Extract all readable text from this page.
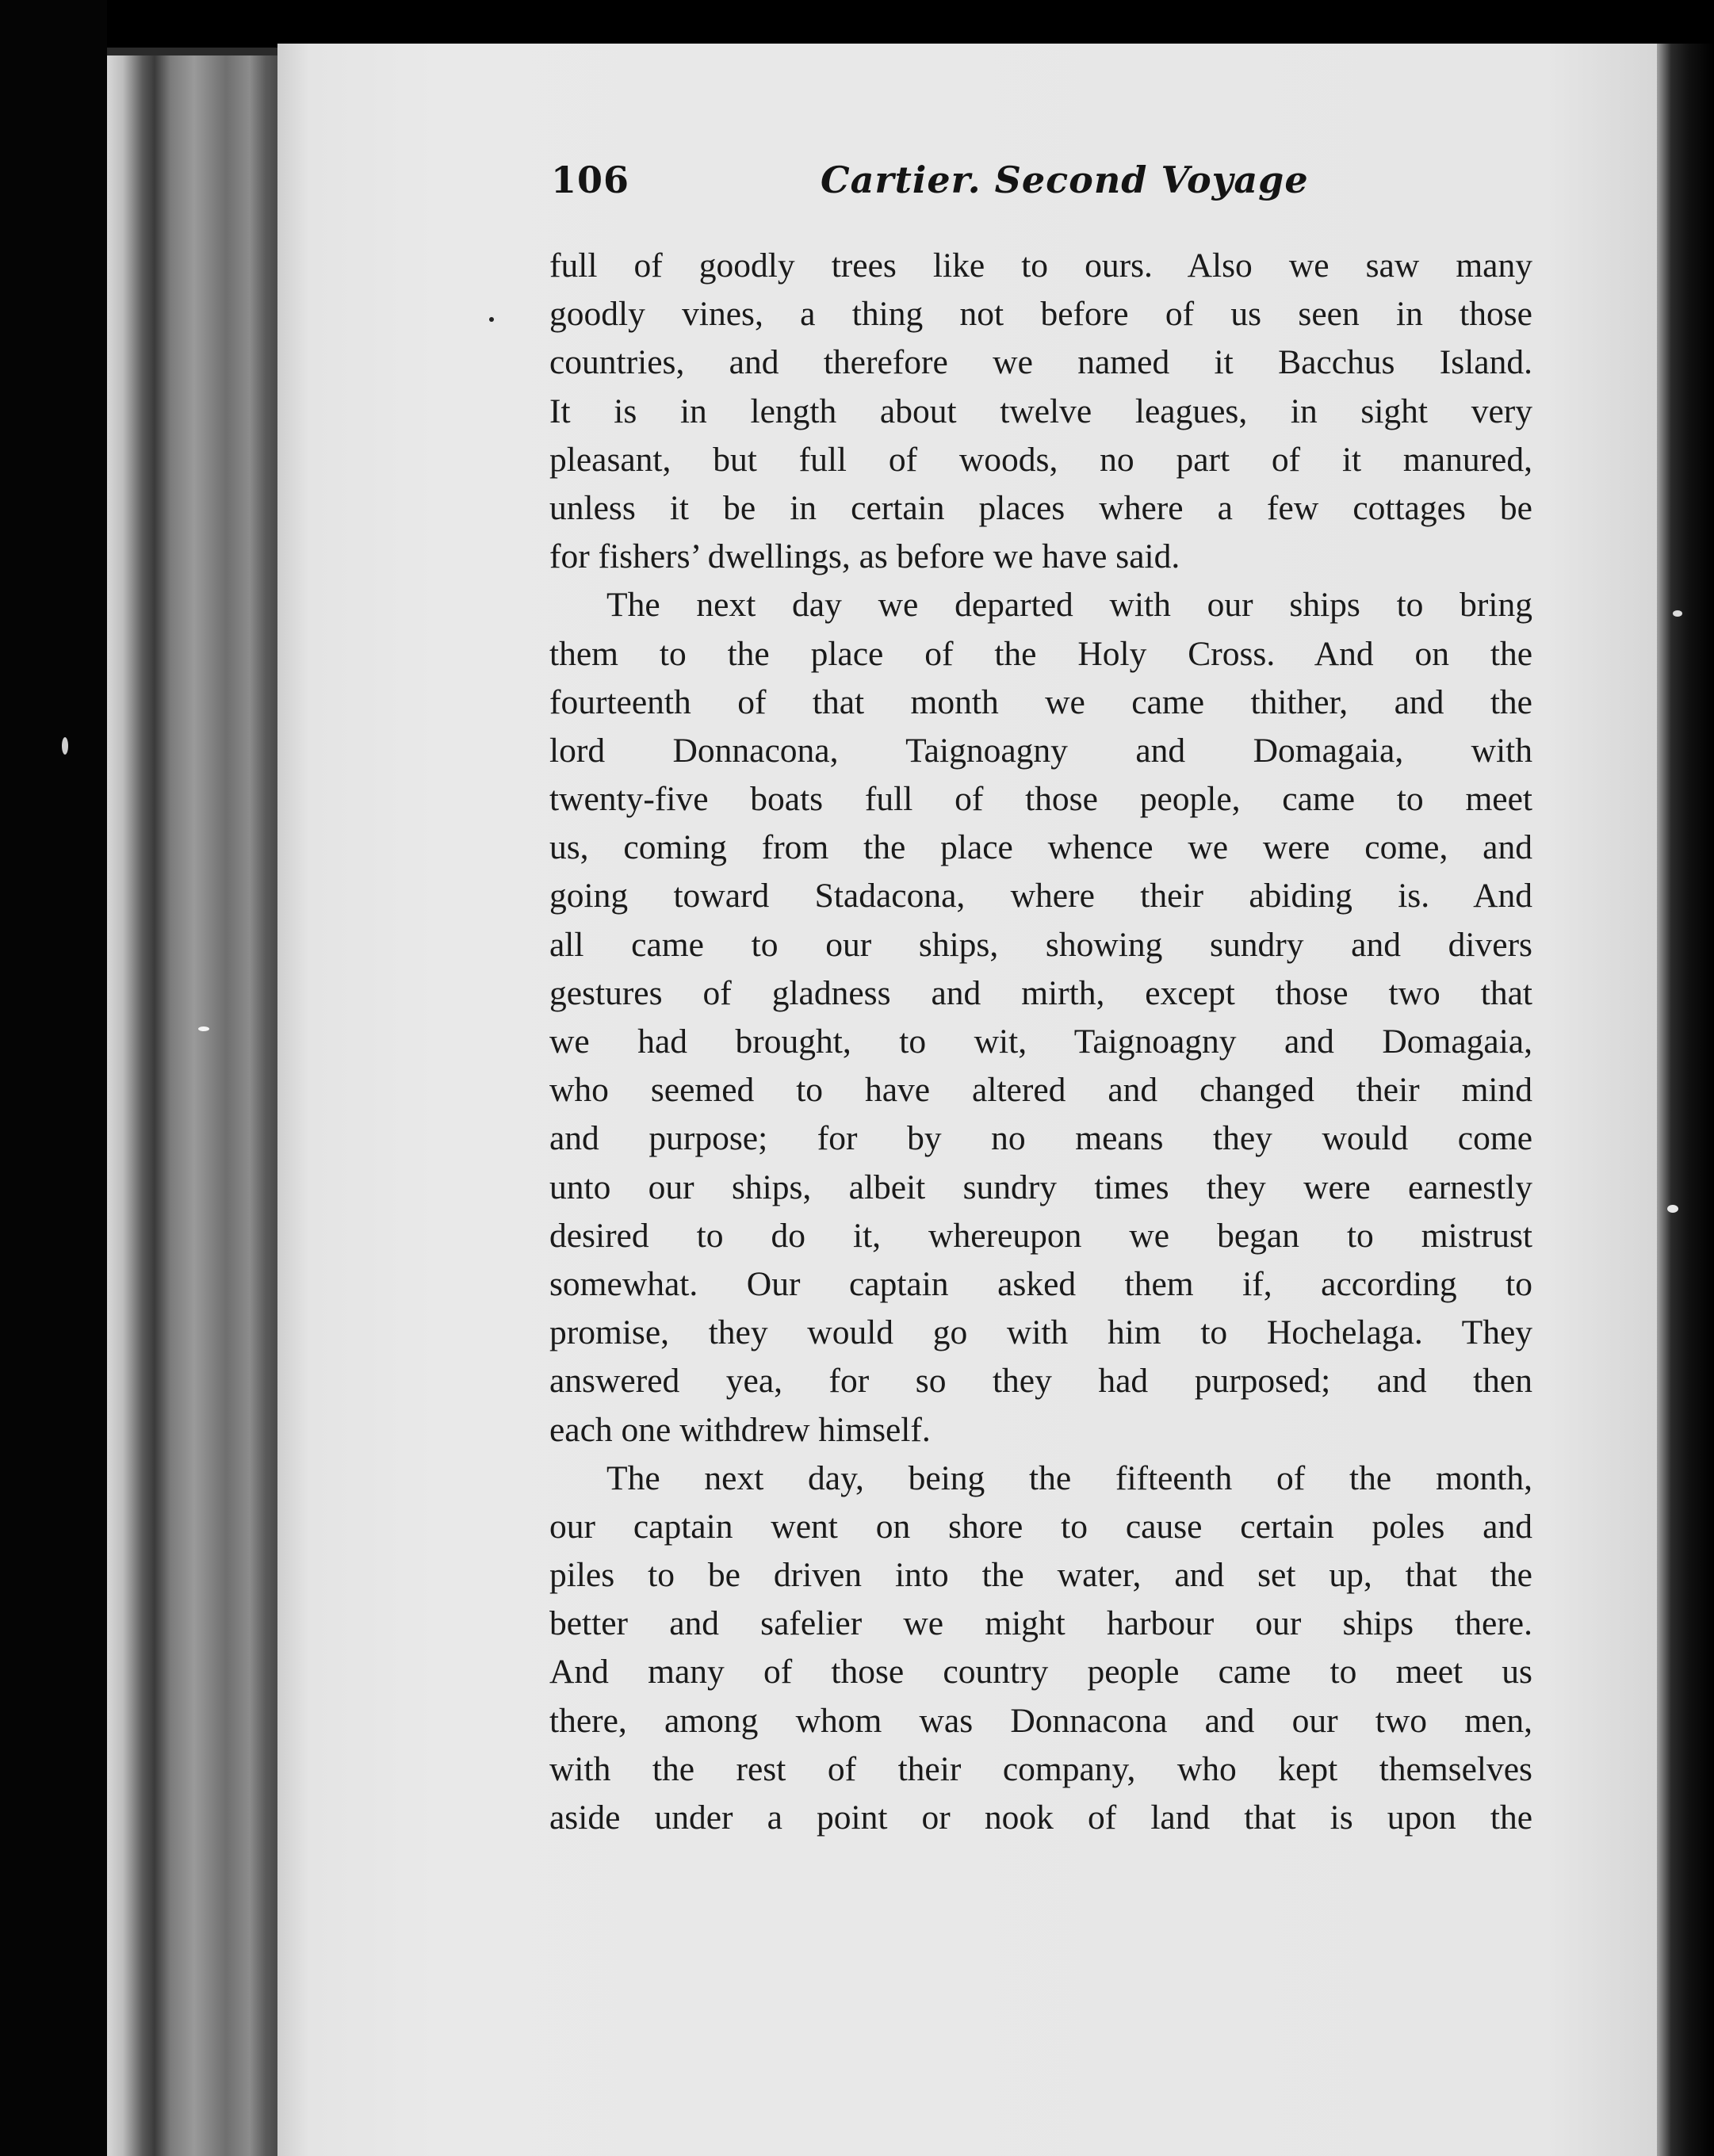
106	Cartier. Second Voyage
full of goodly trees like to ours. Also we saw many
goodly vines, a thing not before of us seen in those
countries, and therefore we named it Bacchus Island.
It is in length about twelve leagues, in sight very
pleasant, but full of woods, no part of it manured,
unless it be in certain places where a few cottages be
for fishers’ dwellings, as before we have said.
The next day we departed with our ships to bring
them to the place of the Holy Cross. And on the
fourteenth of that month we came thither, and the
lord Donnacona, Taignoagny and Domagaia, with
twenty-five boats full of those people, came to meet
us, coming from the place whence we were come, and
going toward Stadacona, where their abiding is. And
all came to our ships, showing sundry and divers
gestures of gladness and mirth, except those two that
we had brought, to wit, Taignoagny and Domagaia,
who seemed to have altered and changed their mind
and purpose; for by no means they would come
unto our ships, albeit sundry times they were earnestly
desired to do it, whereupon we began to mistrust
somewhat. Our captain asked them if, according to
promise, they would go with him to Hochelaga. They
answered yea, for so they had purposed; and then
each one withdrew himself.
The next day, being the fifteenth of the month,
our captain went on shore to cause certain poles and
piles to be driven into the water, and set up, that the
better and safelier we might harbour our ships there.
And many of those country people came to meet us
there, among whom was Donnacona and our two men,
with the rest of their company, who kept themselves
aside under a point or nook of land that is upon the
